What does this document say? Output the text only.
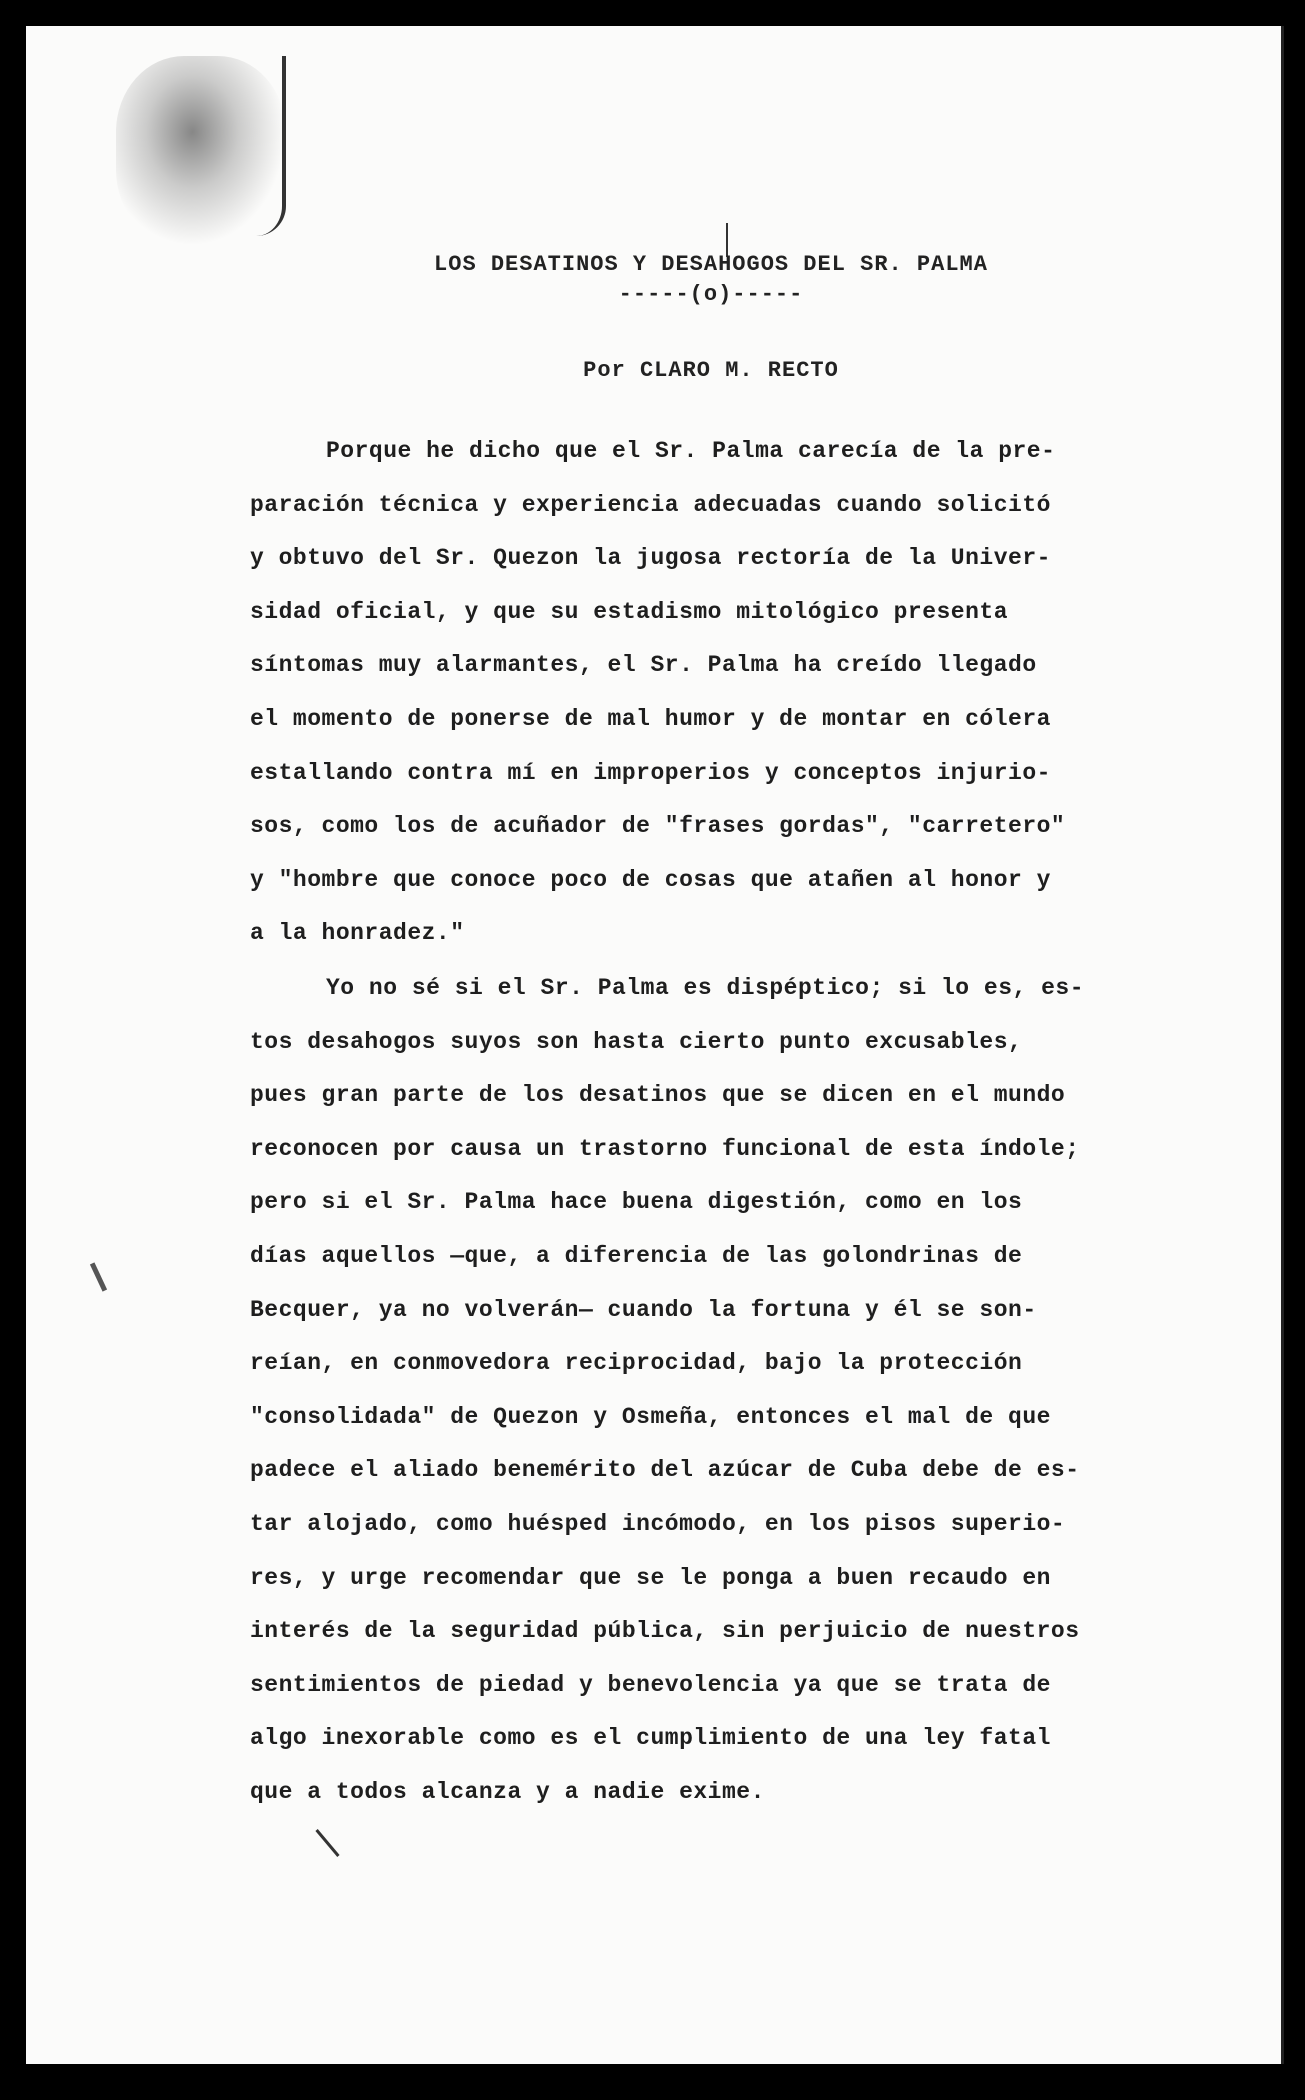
LOS DESATINOS Y DESAHOGOS DEL SR. PALMA
-----(o)-----
Por CLARO M. RECTO

Porque he dicho que el Sr. Palma carecía de la pre-
paración técnica y experiencia adecuadas cuando solicitó
y obtuvo del Sr. Quezon la jugosa rectoría de la Univer-
sidad oficial, y que su estadismo mitológico presenta
síntomas muy alarmantes, el Sr. Palma ha creído llegado
el momento de ponerse de mal humor y de montar en cólera
estallando contra mí en improperios y conceptos injurio-
sos, como los de acuñador de "frases gordas", "carretero"
y "hombre que conoce poco de cosas que atañen al honor y
a la honradez."

Yo no sé si el Sr. Palma es dispéptico; si lo es, es-
tos desahogos suyos son hasta cierto punto excusables,
pues gran parte de los desatinos que se dicen en el mundo
reconocen por causa un trastorno funcional de esta índole;
pero si el Sr. Palma hace buena digestión, como en los
días aquellos —que, a diferencia de las golondrinas de
Becquer, ya no volverán— cuando la fortuna y él se son-
reían, en conmovedora reciprocidad, bajo la protección
"consolidada" de Quezon y Osmeña, entonces el mal de que
padece el aliado benemérito del azúcar de Cuba debe de es-
tar alojado, como huésped incómodo, en los pisos superio-
res, y urge recomendar que se le ponga a buen recaudo en
interés de la seguridad pública, sin perjuicio de nuestros
sentimientos de piedad y benevolencia ya que se trata de
algo inexorable como es el cumplimiento de una ley fatal
que a todos alcanza y a nadie exime.
